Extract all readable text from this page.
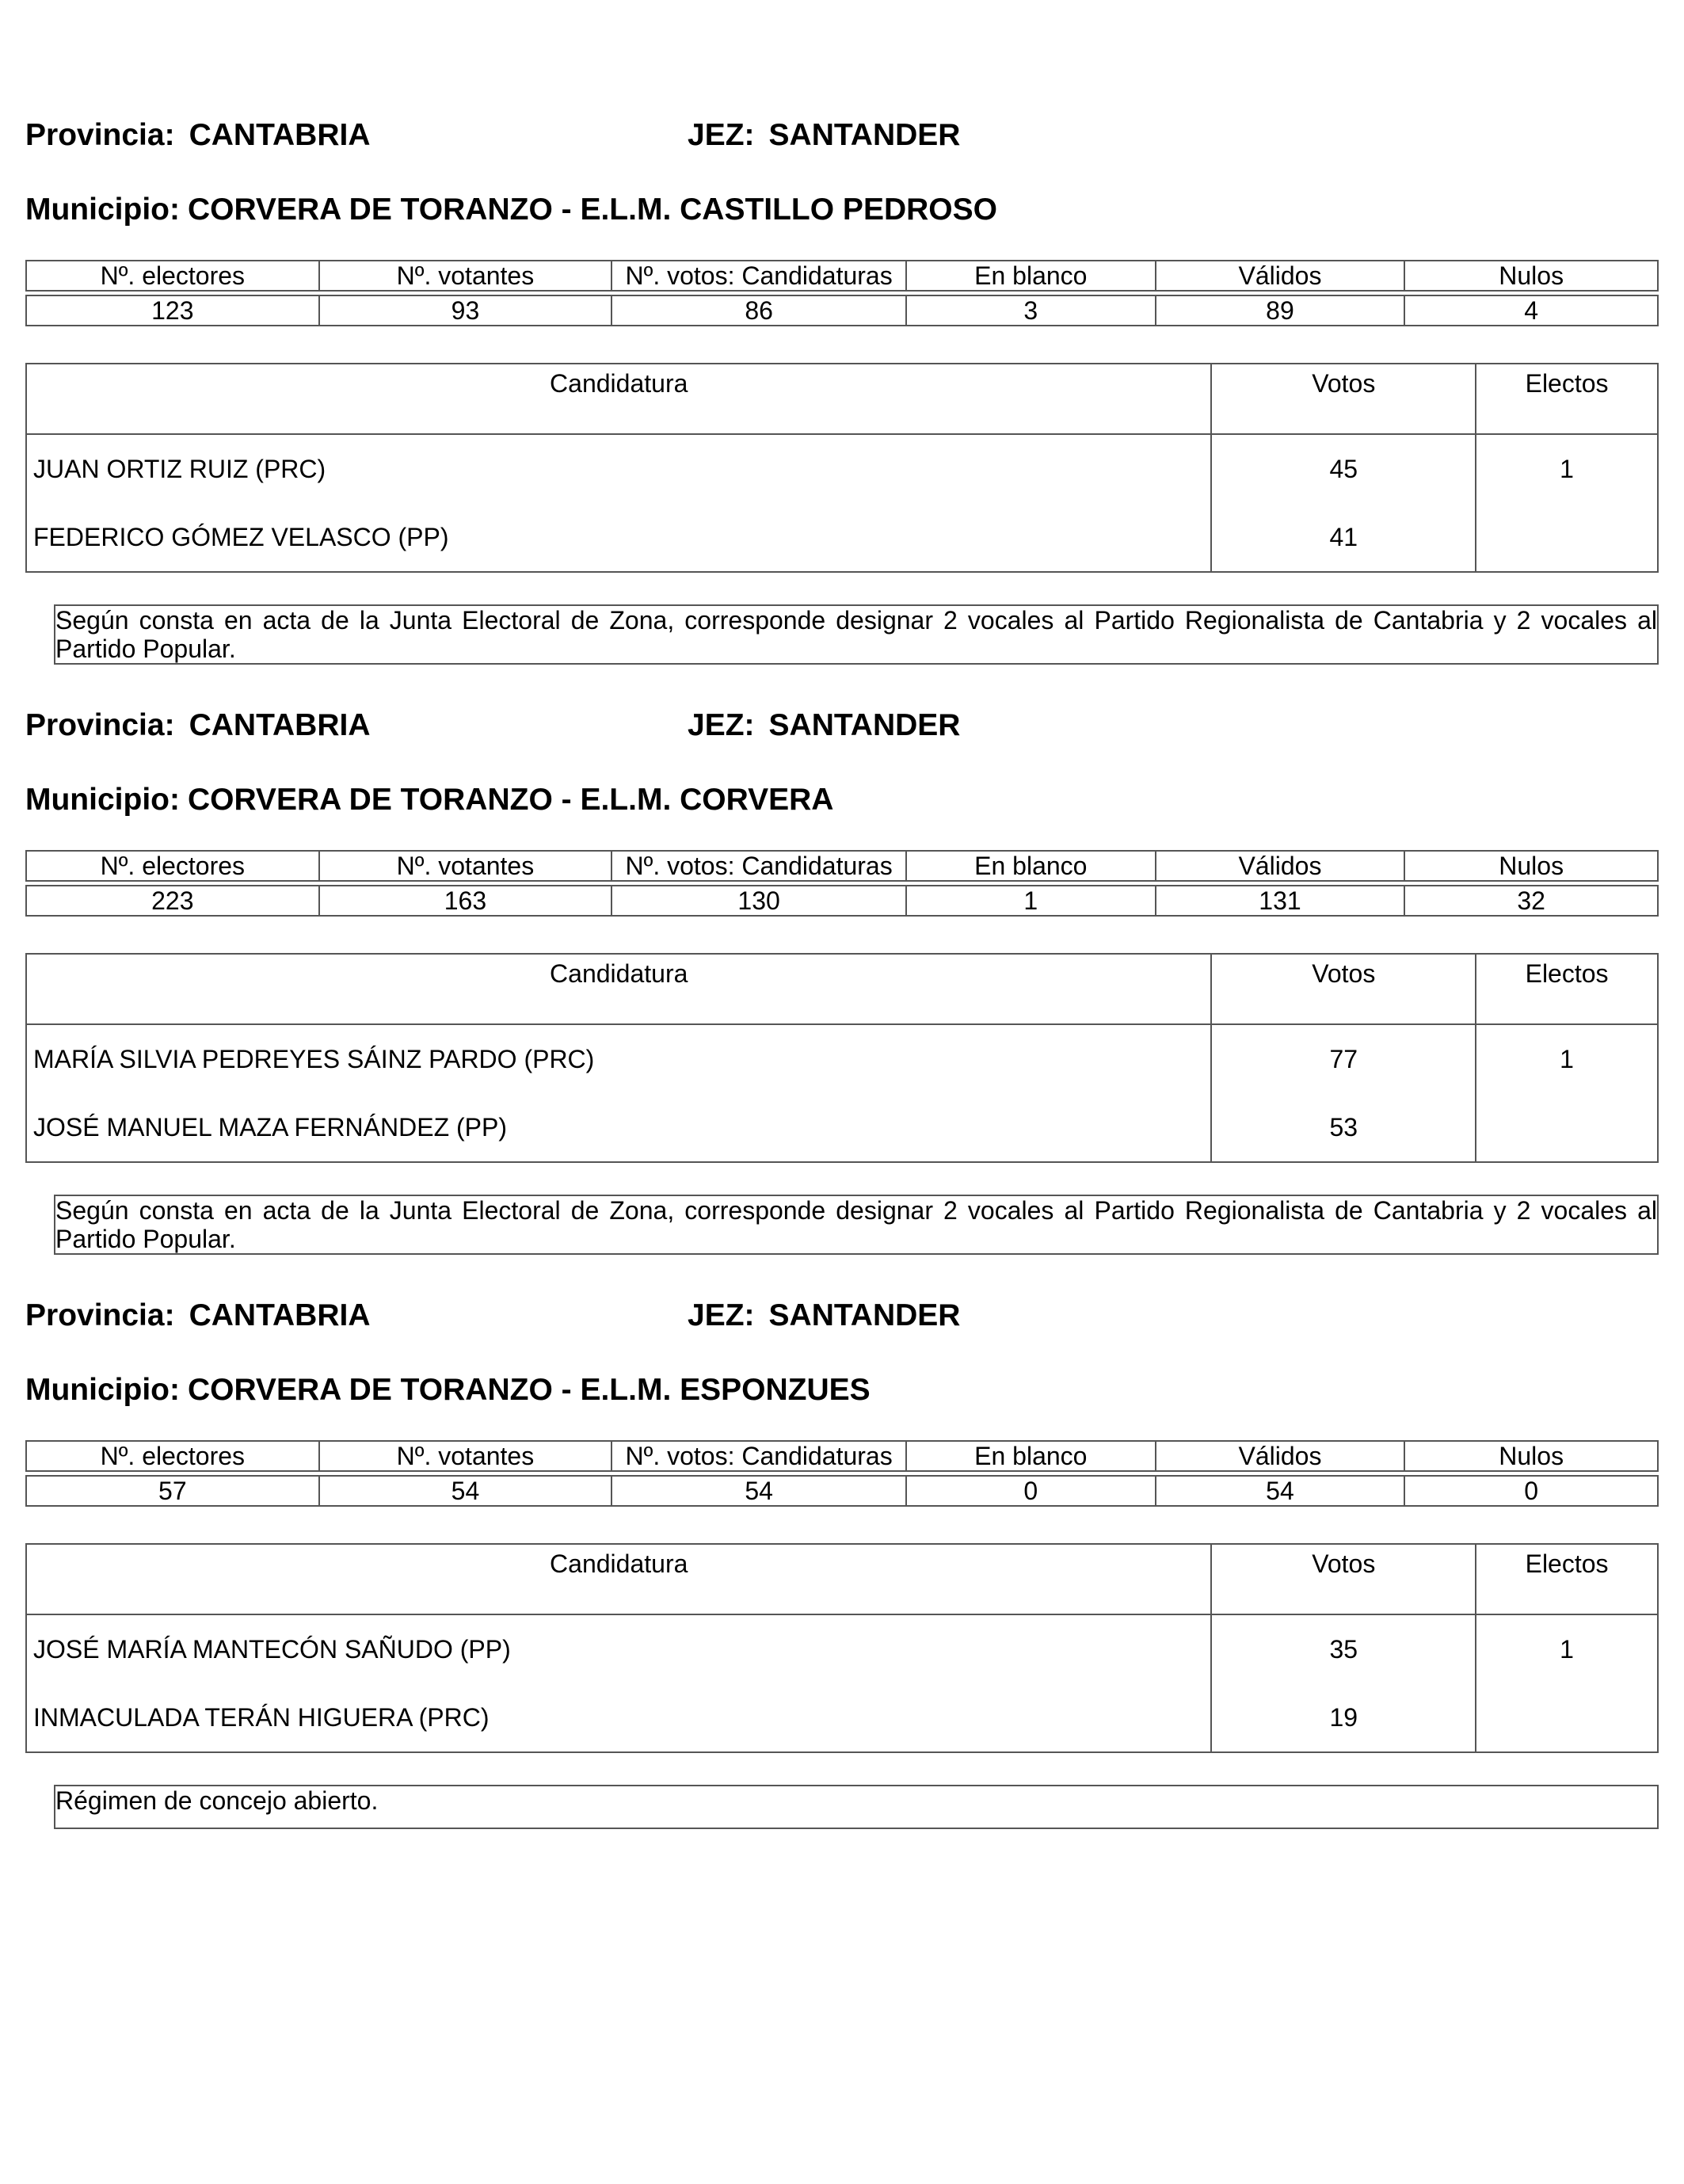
Provincia: CANTABRIA	JEZ: SANTANDER
Municipio: CORVERA DE TORANZO - E.L.M. CASTILLO PEDROSO
Nº. electores	Nº. votantes	Nº. votos: Candidaturas	En blanco	Válidos	Nulos

123	93	86	3	89	4
Candidatura	Votos	Electos
JUAN ORTIZ RUIZ (PRC)	45	1
FEDERICO GÓMEZ VELASCO (PP)	41	
Según consta en acta de la Junta Electoral de Zona, corresponde designar 2 vocales al Partido Regionalista de Cantabria y 2 vocales al Partido Popular.
Provincia: CANTABRIA	JEZ: SANTANDER
Municipio: CORVERA DE TORANZO - E.L.M. CORVERA
Nº. electores	Nº. votantes	Nº. votos: Candidaturas	En blanco	Válidos	Nulos

223	163	130	1	131	32
Candidatura	Votos	Electos
MARÍA SILVIA PEDREYES SÁINZ PARDO (PRC)	77	1
JOSÉ MANUEL MAZA FERNÁNDEZ (PP)	53	
Según consta en acta de la Junta Electoral de Zona, corresponde designar 2 vocales al Partido Regionalista de Cantabria y 2 vocales al Partido Popular.
Provincia: CANTABRIA	JEZ: SANTANDER
Municipio: CORVERA DE TORANZO - E.L.M. ESPONZUES
Nº. electores	Nº. votantes	Nº. votos: Candidaturas	En blanco	Válidos	Nulos

57	54	54	0	54	0
Candidatura	Votos	Electos
JOSÉ MARÍA MANTECÓN SAÑUDO (PP)	35	1
INMACULADA TERÁN HIGUERA (PRC)	19	
Régimen de concejo abierto.
